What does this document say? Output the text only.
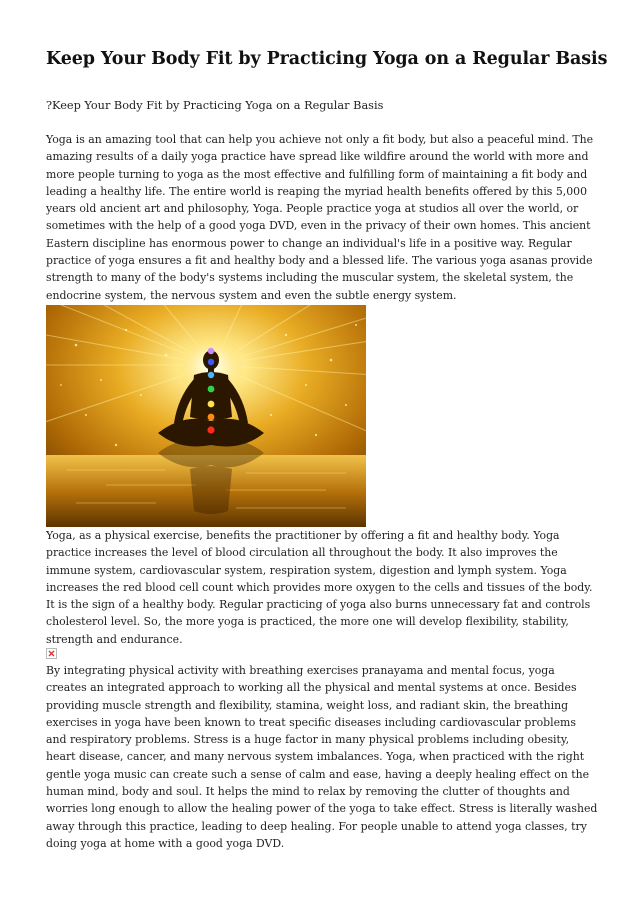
Keep Your Body Fit by Practicing Yoga on a Regular Basis

?Keep Your Body Fit by Practicing Yoga on a Regular Basis

Yoga is an amazing tool that can help you achieve not only a fit body, but also a peaceful mind. The amazing results of a daily yoga practice have spread like wildfire around the world with more and more people turning to yoga as the most effective and fulfilling form of maintaining a fit body and leading a healthy life. The entire world is reaping the myriad health benefits offered by this 5,000 years old ancient art and philosophy, Yoga. People practice yoga at studios all over the world, or sometimes with the help of a good yoga DVD, even in the privacy of their own homes. This ancient Eastern discipline has enormous power to change an individual's life in a positive way. Regular practice of yoga ensures a fit and healthy body and a blessed life. The various yoga asanas provide strength to many of the body's systems including the muscular system, the skeletal system, the endocrine system, the nervous system and even the subtle energy system.

Yoga, as a physical exercise, benefits the practitioner by offering a fit and healthy body. Yoga practice increases the level of blood circulation all throughout the body. It also improves the immune system, cardiovascular system, respiration system, digestion and lymph system. Yoga increases the red blood cell count which provides more oxygen to the cells and tissues of the body. It is the sign of a healthy body. Regular practicing of yoga also burns unnecessary fat and controls cholesterol level. So, the more yoga is practiced, the more one will develop flexibility, stability, strength and endurance.

By integrating physical activity with breathing exercises pranayama and mental focus, yoga creates an integrated approach to working all the physical and mental systems at once. Besides providing muscle strength and flexibility, stamina, weight loss, and radiant skin, the breathing exercises in yoga have been known to treat specific diseases including cardiovascular problems and respiratory problems. Stress is a huge factor in many physical problems including obesity, heart disease, cancer, and many nervous system imbalances. Yoga, when practiced with the right gentle yoga music can create such a sense of calm and ease, having a deeply healing effect on the human mind, body and soul. It helps the mind to relax by removing the clutter of thoughts and worries long enough to allow the healing power of the yoga to take effect. Stress is literally washed away through this practice, leading to deep healing. For people unable to attend yoga classes, try doing yoga at home with a good yoga DVD.
